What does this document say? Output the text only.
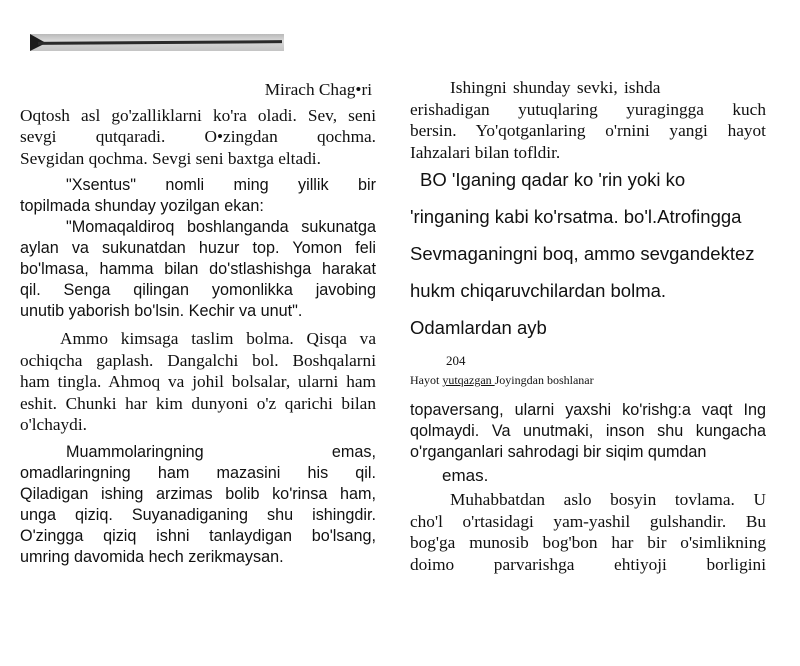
Mirach Chag•ri

Oqtosh asl go'zalliklarni ko'ra oladi. Sev, seni

sevgi qutqaradi. O•zingdan qochma.

Sevgidan qochma. Sevgi seni baxtga eltadi.

"Xsentus" nomli ming yillik bir

topilmada shunday yozilgan ekan:

"Momaqaldiroq boshlanganda sukunatga

aylan va sukunatdan huzur top. Yomon feli

bo'lmasa, hamma bilan do'stlashishga harakat

qil. Senga qilingan yomonlikka javobing

unutib yaborish bo'lsin. Kechir va unut".

Ammo kimsaga taslim bolma. Qisqa va

ochiqcha gaplash. Dangalchi bol. Boshqalarni

ham tingla. Ahmoq va johil bolsalar, ularni ham

eshit. Chunki har kim dunyoni o'z qarichi bilan

o'lchaydi.

Muammolaringning emas,

omadlaringning ham mazasini his qil.

Qiladigan ishing arzimas bolib ko'rinsa ham,

unga qiziq. Suyanadiganing shu ishingdir.

O'zingga qiziq ishni tanlaydigan bo'lsang,

umring davomida hech zerikmaysan.

Ishingni shunday sevki, ishda

erishadigan yutuqlaring yuragingga kuch

bersin. Yo'qotganlaring o'rnini yangi hayot

Iahzalari bilan tofldir.

BO 'Iganing qadar ko 'rin yoki ko

'ringaning kabi ko'rsatma. bo'l.Atrofingga

Sevmaganingni boq, ammo sevgandektez

hukm chiqaruvchilardan bolma.

Odamlardan ayb

204

Hayot yutqazgan Joyingdan boshlanar

topaversang, ularni yaxshi ko'rishg:a vaqt Ing

qolmaydi. Va unutmaki, inson shu kungacha

o'rganganlari sahrodagi bir siqim qumdan

emas.

Muhabbatdan aslo bosyin tovlama. U

cho'l o'rtasidagi yam-yashil gulshandir. Bu

bog'ga munosib bog'bon har bir o'simlikning

doimo parvarishga ehtiyoji borligini
